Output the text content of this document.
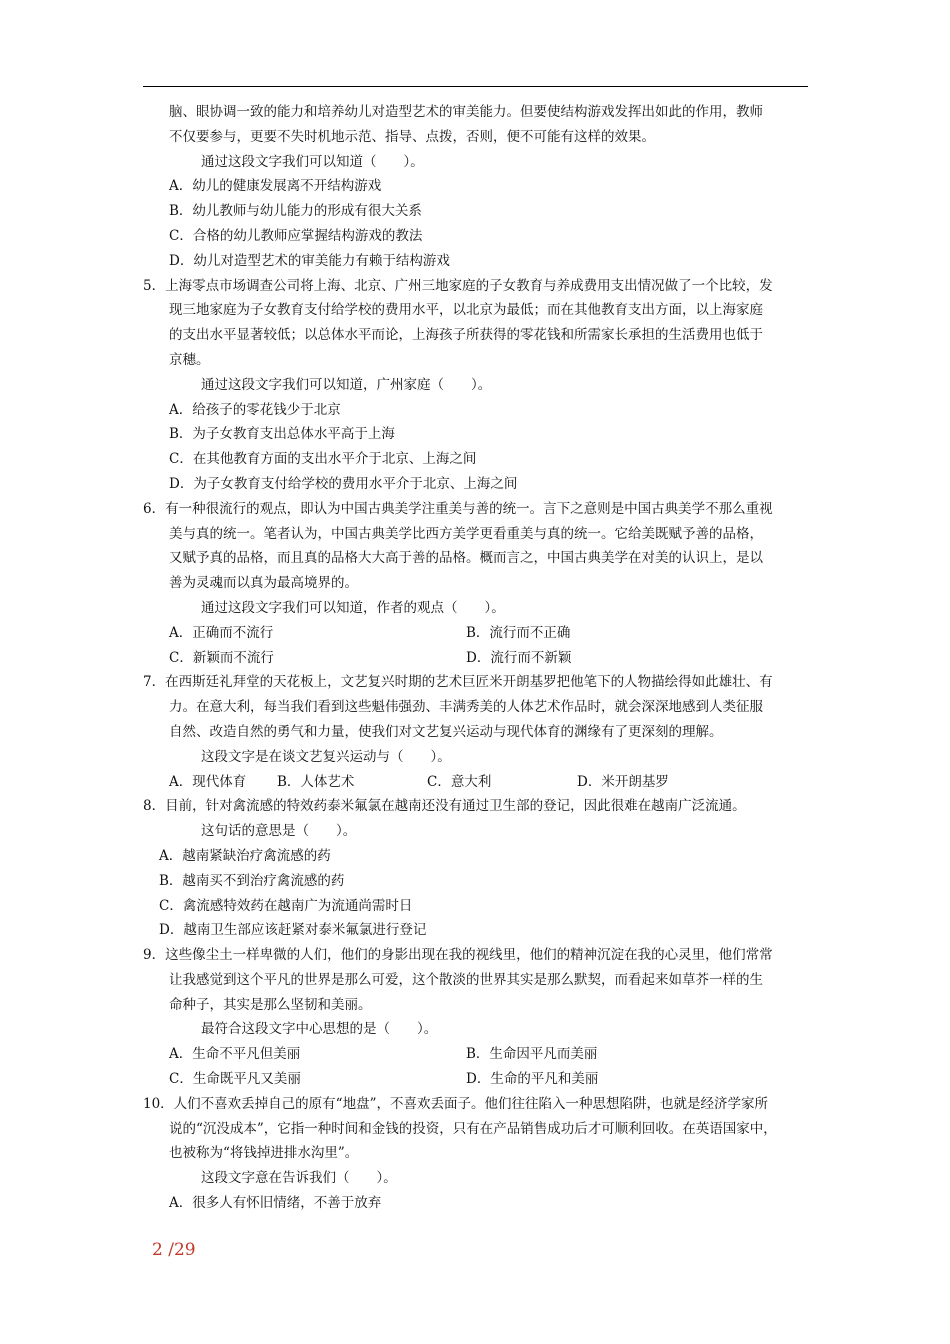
脑、眼协调一致的能力和培养幼儿对造型艺术的审美能力。但要使结构游戏发挥出如此的作用，教师
不仅要参与，更要不失时机地示范、指导、点拨，否则，便不可能有这样的效果。
通过这段文字我们可以知道（　　）。
A．幼儿的健康发展离不开结构游戏
B．幼儿教师与幼儿能力的形成有很大关系
C．合格的幼儿教师应掌握结构游戏的教法
D．幼儿对造型艺术的审美能力有赖于结构游戏
5．上海零点市场调查公司将上海、北京、广州三地家庭的子女教育与养成费用支出情况做了一个比较，发
现三地家庭为子女教育支付给学校的费用水平，以北京为最低；而在其他教育支出方面，以上海家庭
的支出水平显著较低；以总体水平而论，上海孩子所获得的零花钱和所需家长承担的生活费用也低于
京穗。
通过这段文字我们可以知道，广州家庭（　　）。
A．给孩子的零花钱少于北京
B．为子女教育支出总体水平高于上海
C．在其他教育方面的支出水平介于北京、上海之间
D．为子女教育支付给学校的费用水平介于北京、上海之间
6．有一种很流行的观点，即认为中国古典美学注重美与善的统一。言下之意则是中国古典美学不那么重视
美与真的统一。笔者认为，中国古典美学比西方美学更看重美与真的统一。它给美既赋予善的品格，
又赋予真的品格，而且真的品格大大高于善的品格。概而言之，中国古典美学在对美的认识上，是以
善为灵魂而以真为最高境界的。
通过这段文字我们可以知道，作者的观点（　　）。
A．正确而不流行	B．流行而不正确
C．新颖而不流行	D．流行而不新颖
7．在西斯廷礼拜堂的天花板上，文艺复兴时期的艺术巨匠米开朗基罗把他笔下的人物描绘得如此雄壮、有
力。在意大利，每当我们看到这些魁伟强劲、丰满秀美的人体艺术作品时，就会深深地感到人类征服
自然、改造自然的勇气和力量，使我们对文艺复兴运动与现代体育的渊缘有了更深刻的理解。
这段文字是在谈文艺复兴运动与（　　）。
A．现代体育	B．人体艺术	C．意大利	D．米开朗基罗
8．目前，针对禽流感的特效药泰米氟氯在越南还没有通过卫生部的登记，因此很难在越南广泛流通。
这句话的意思是（　　）。
A．越南紧缺治疗禽流感的药
B．越南买不到治疗禽流感的药
C．禽流感特效药在越南广为流通尚需时日
D．越南卫生部应该赶紧对泰米氟氯进行登记
9．这些像尘土一样卑微的人们，他们的身影出现在我的视线里，他们的精神沉淀在我的心灵里，他们常常
让我感觉到这个平凡的世界是那么可爱，这个散淡的世界其实是那么默契，而看起来如草芥一样的生
命种子，其实是那么坚韧和美丽。
最符合这段文字中心思想的是（　　）。
A．生命不平凡但美丽	B．生命因平凡而美丽
C．生命既平凡又美丽	D．生命的平凡和美丽
10．人们不喜欢丢掉自己的原有“地盘”，不喜欢丢面子。他们往往陷入一种思想陷阱，也就是经济学家所
说的“沉没成本”，它指一种时间和金钱的投资，只有在产品销售成功后才可顺利回收。在英语国家中，
也被称为“将钱掉进排水沟里”。
这段文字意在告诉我们（　　）。
A．很多人有怀旧情绪，不善于放弃
2 /29
